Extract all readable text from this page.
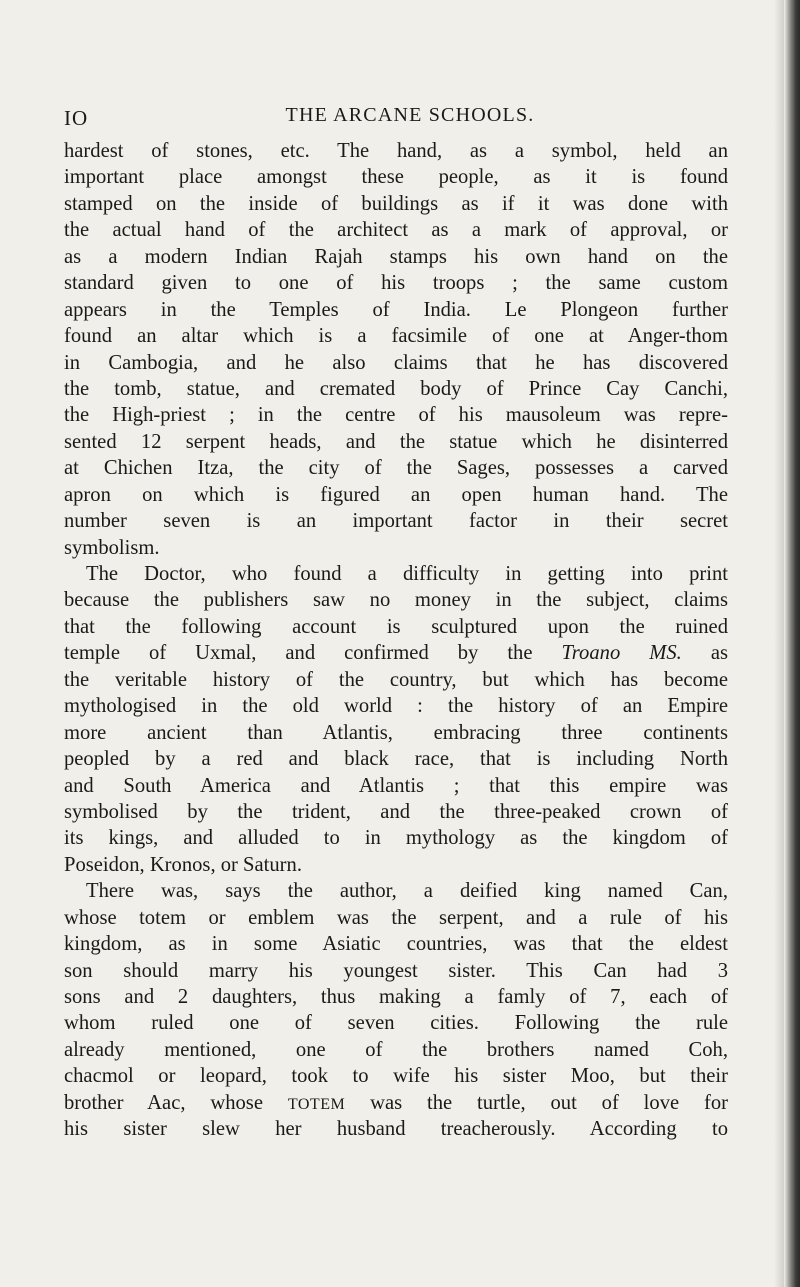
IO	THE ARCANE SCHOOLS.
hardest of stones, etc. The hand, as a symbol, held an
important place amongst these people, as it is found
stamped on the inside of buildings as if it was done with
the actual hand of the architect as a mark of approval, or
as a modern Indian Rajah stamps his own hand on the
standard given to one of his troops ; the same custom
appears in the Temples of India. Le Plongeon further
found an altar which is a facsimile of one at Anger-thom
in Cambogia, and he also claims that he has discovered
the tomb, statue, and cremated body of Prince Cay Canchi,
the High-priest ; in the centre of his mausoleum was repre-
sented 12 serpent heads, and the statue which he disinterred
at Chichen Itza, the city of the Sages, possesses a carved
apron on which is figured an open human hand. The
number seven is an important factor in their secret
symbolism.
The Doctor, who found a difficulty in getting into print
because the publishers saw no money in the subject, claims
that the following account is sculptured upon the ruined
temple of Uxmal, and confirmed by the Troano MS. as
the veritable history of the country, but which has become
mythologised in the old world : the history of an Empire
more ancient than Atlantis, embracing three continents
peopled by a red and black race, that is including North
and South America and Atlantis ; that this empire was
symbolised by the trident, and the three-peaked crown of
its kings, and alluded to in mythology as the kingdom of
Poseidon, Kronos, or Saturn.
There was, says the author, a deified king named Can,
whose totem or emblem was the serpent, and a rule of his
kingdom, as in some Asiatic countries, was that the eldest
son should marry his youngest sister. This Can had 3
sons and 2 daughters, thus making a famly of 7, each of
whom ruled one of seven cities. Following the rule
already mentioned, one of the brothers named Coh,
chacmol or leopard, took to wife his sister Moo, but their
brother Aac, whose TOTEM was the turtle, out of love for
his sister slew her husband treacherously. According to
